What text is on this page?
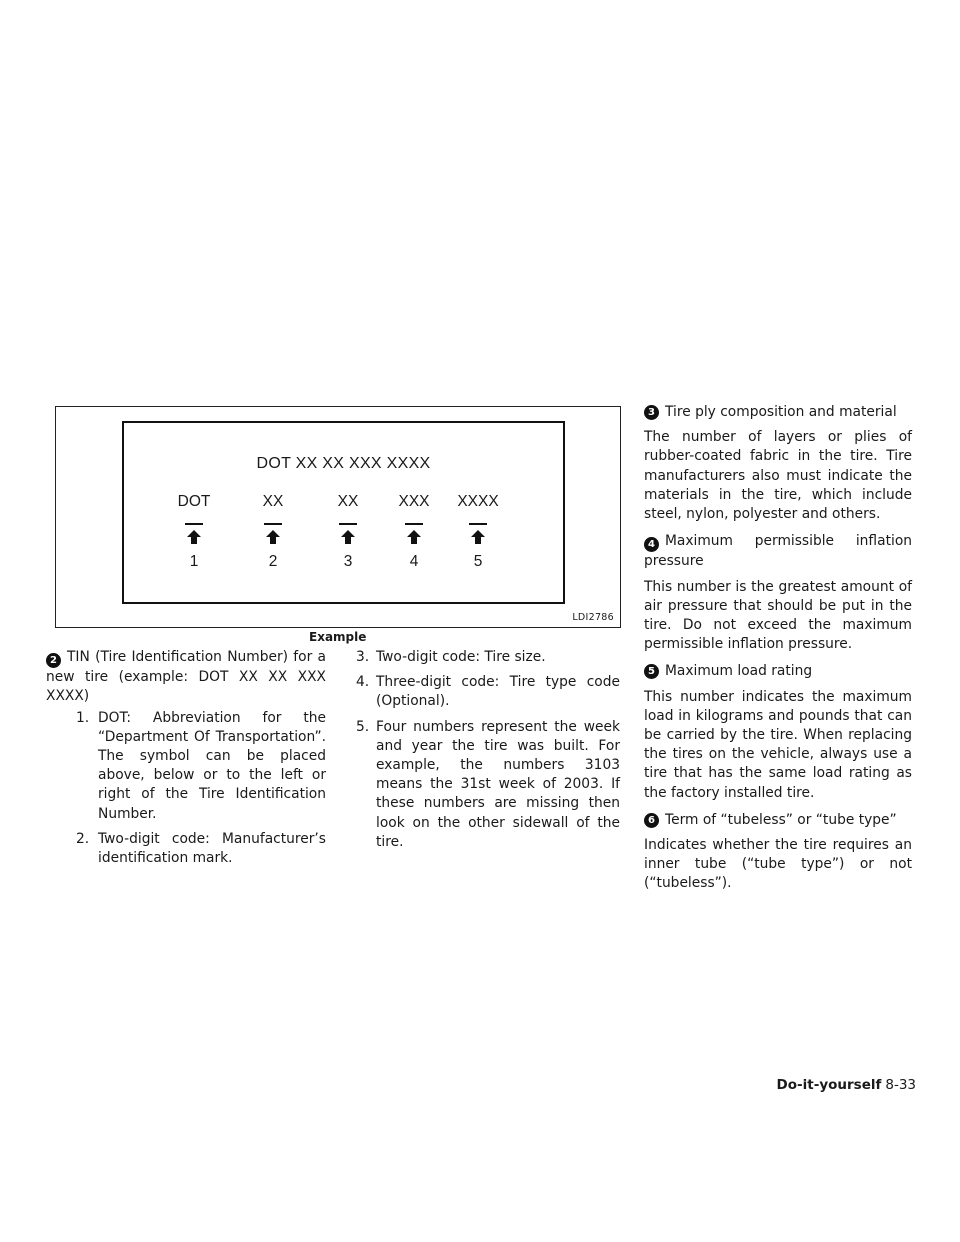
DOT XX XX XXX XXXX
DOT
1
XX
2
XX
3
XXX
4
XXXX
5
LDI2786
Example

2 TIN (Tire Identification Number) for a new tire (example: DOT XX XX XXX XXXX)

1. DOT: Abbreviation for the “Department Of Transportation”. The symbol can be placed above, below or to the left or right of the Tire Identification Number.

2. Two-digit code: Manufacturer’s identification mark.

3. Two-digit code: Tire size.

4. Three-digit code: Tire type code (Optional).

5. Four numbers represent the week and year the tire was built. For example, the numbers 3103 means the 31st week of 2003. If these numbers are missing then look on the other sidewall of the tire.

3 Tire ply composition and material

The number of layers or plies of rubber-coated fabric in the tire. Tire manufacturers also must indicate the materials in the tire, which include steel, nylon, polyester and others.

4 Maximum permissible inflation pressure

This number is the greatest amount of air pressure that should be put in the tire. Do not exceed the maximum permissible inflation pressure.

5 Maximum load rating

This number indicates the maximum load in kilograms and pounds that can be carried by the tire. When replacing the tires on the vehicle, always use a tire that has the same load rating as the factory installed tire.

6 Term of “tubeless” or “tube type”

Indicates whether the tire requires an inner tube (“tube type”) or not (“tubeless”).

Do-it-yourself 8-33
